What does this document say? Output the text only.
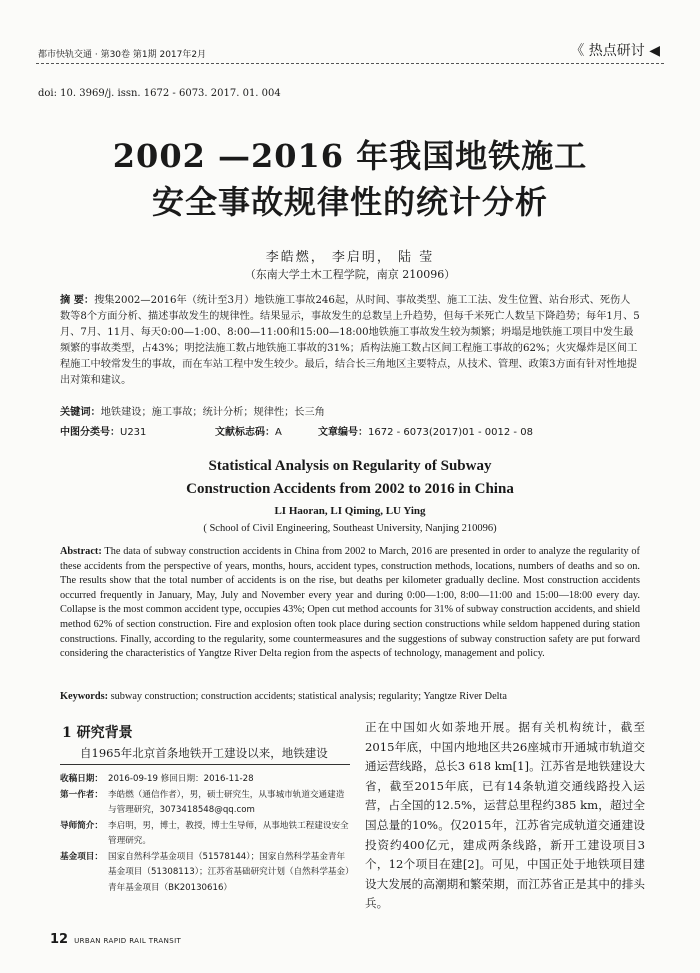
都市快轨交通 · 第30卷 第1期 2017年2月	《 热点研讨 ◀
doi: 10. 3969/j. issn. 1672 - 6073. 2017. 01. 004
2002 —2016 年我国地铁施工
安全事故规律性的统计分析
李皓燃， 李启明， 陆 莹
（东南大学土木工程学院，南京 210096）
摘 要：搜集2002—2016年（统计至3月）地铁施工事故246起，从时间、事故类型、施工工法、发生位置、站台形式、死伤人数等8个方面分析、描述事故发生的规律性。结果显示，事故发生的总数呈上升趋势，但每千米死亡人数呈下降趋势；每年1月、5月、7月、11月、每天0:00—1:00、8:00—11:00和15:00—18:00地铁施工事故发生较为频繁；坍塌是地铁施工项目中发生最频繁的事故类型，占43%；明挖法施工数占地铁施工事故的31%；盾构法施工数占区间工程施工事故的62%；火灾爆炸是区间工程施工中较常发生的事故，而在车站工程中发生较少。最后，结合长三角地区主要特点，从技术、管理、政策3方面有针对性地提出对策和建议。
关键词：地铁建设；施工事故；统计分析；规律性；长三角
中图分类号：U231	文献标志码：A	文章编号：1672 - 6073(2017)01 - 0012 - 08
Statistical Analysis on Regularity of Subway
Construction Accidents from 2002 to 2016 in China
LI Haoran, LI Qiming, LU Ying
( School of Civil Engineering, Southeast University, Nanjing 210096)
Abstract: The data of subway construction accidents in China from 2002 to March, 2016 are presented in order to analyze the regularity of these accidents from the perspective of years, months, hours, accident types, construction methods, locations, numbers of deaths and so on. The results show that the total number of accidents is on the rise, but deaths per kilometer gradually decline. Most construction accidents occurred frequently in January, May, July and November every year and during 0:00—1:00, 8:00—11:00 and 15:00—18:00 every day. Collapse is the most common accident type, occupies 43%; Open cut method accounts for 31% of subway construction accidents, and shield method 62% of section construction. Fire and explosion often took place during section constructions while seldom happened during station constructions. Finally, according to the regularity, some countermeasures and the suggestions of subway construction safety are put forward considering the characteristics of Yangtze River Delta region from the aspects of technology, management and policy.
Keywords: subway construction; construction accidents; statistical analysis; regularity; Yangtze River Delta
1 研究背景
自1965年北京首条地铁开工建设以来，地铁建设
收稿日期： 2016-09-19 修回日期：2016-11-28
第一作者： 李皓燃（通信作者），男，硕士研究生，从事城市轨道交通建造与管理研究，3073418548@qq.com
导师简介： 李启明，男，博士，教授，博士生导师，从事地铁工程建设安全管理研究。
基金项目： 国家自然科学基金项目（51578144）；国家自然科学基金青年基金项目（51308113）；江苏省基础研究计划（自然科学基金）青年基金项目（BK20130616）
正在中国如火如荼地开展。据有关机构统计，截至2015年底，中国内地地区共26座城市开通城市轨道交通运营线路，总长3 618 km[1]。江苏省是地铁建设大省，截至2015年底，已有14条轨道交通线路投入运营，占全国的12.5%，运营总里程约385 km，超过全国总量的10%。仅2015年，江苏省完成轨道交通建设投资约400亿元，建成两条线路，新开工建设项目3个，12个项目在建[2]。可见，中国正处于地铁项目建设大发展的高潮期和繁荣期，而江苏省正是其中的排头兵。
12 URBAN RAPID RAIL TRANSIT
